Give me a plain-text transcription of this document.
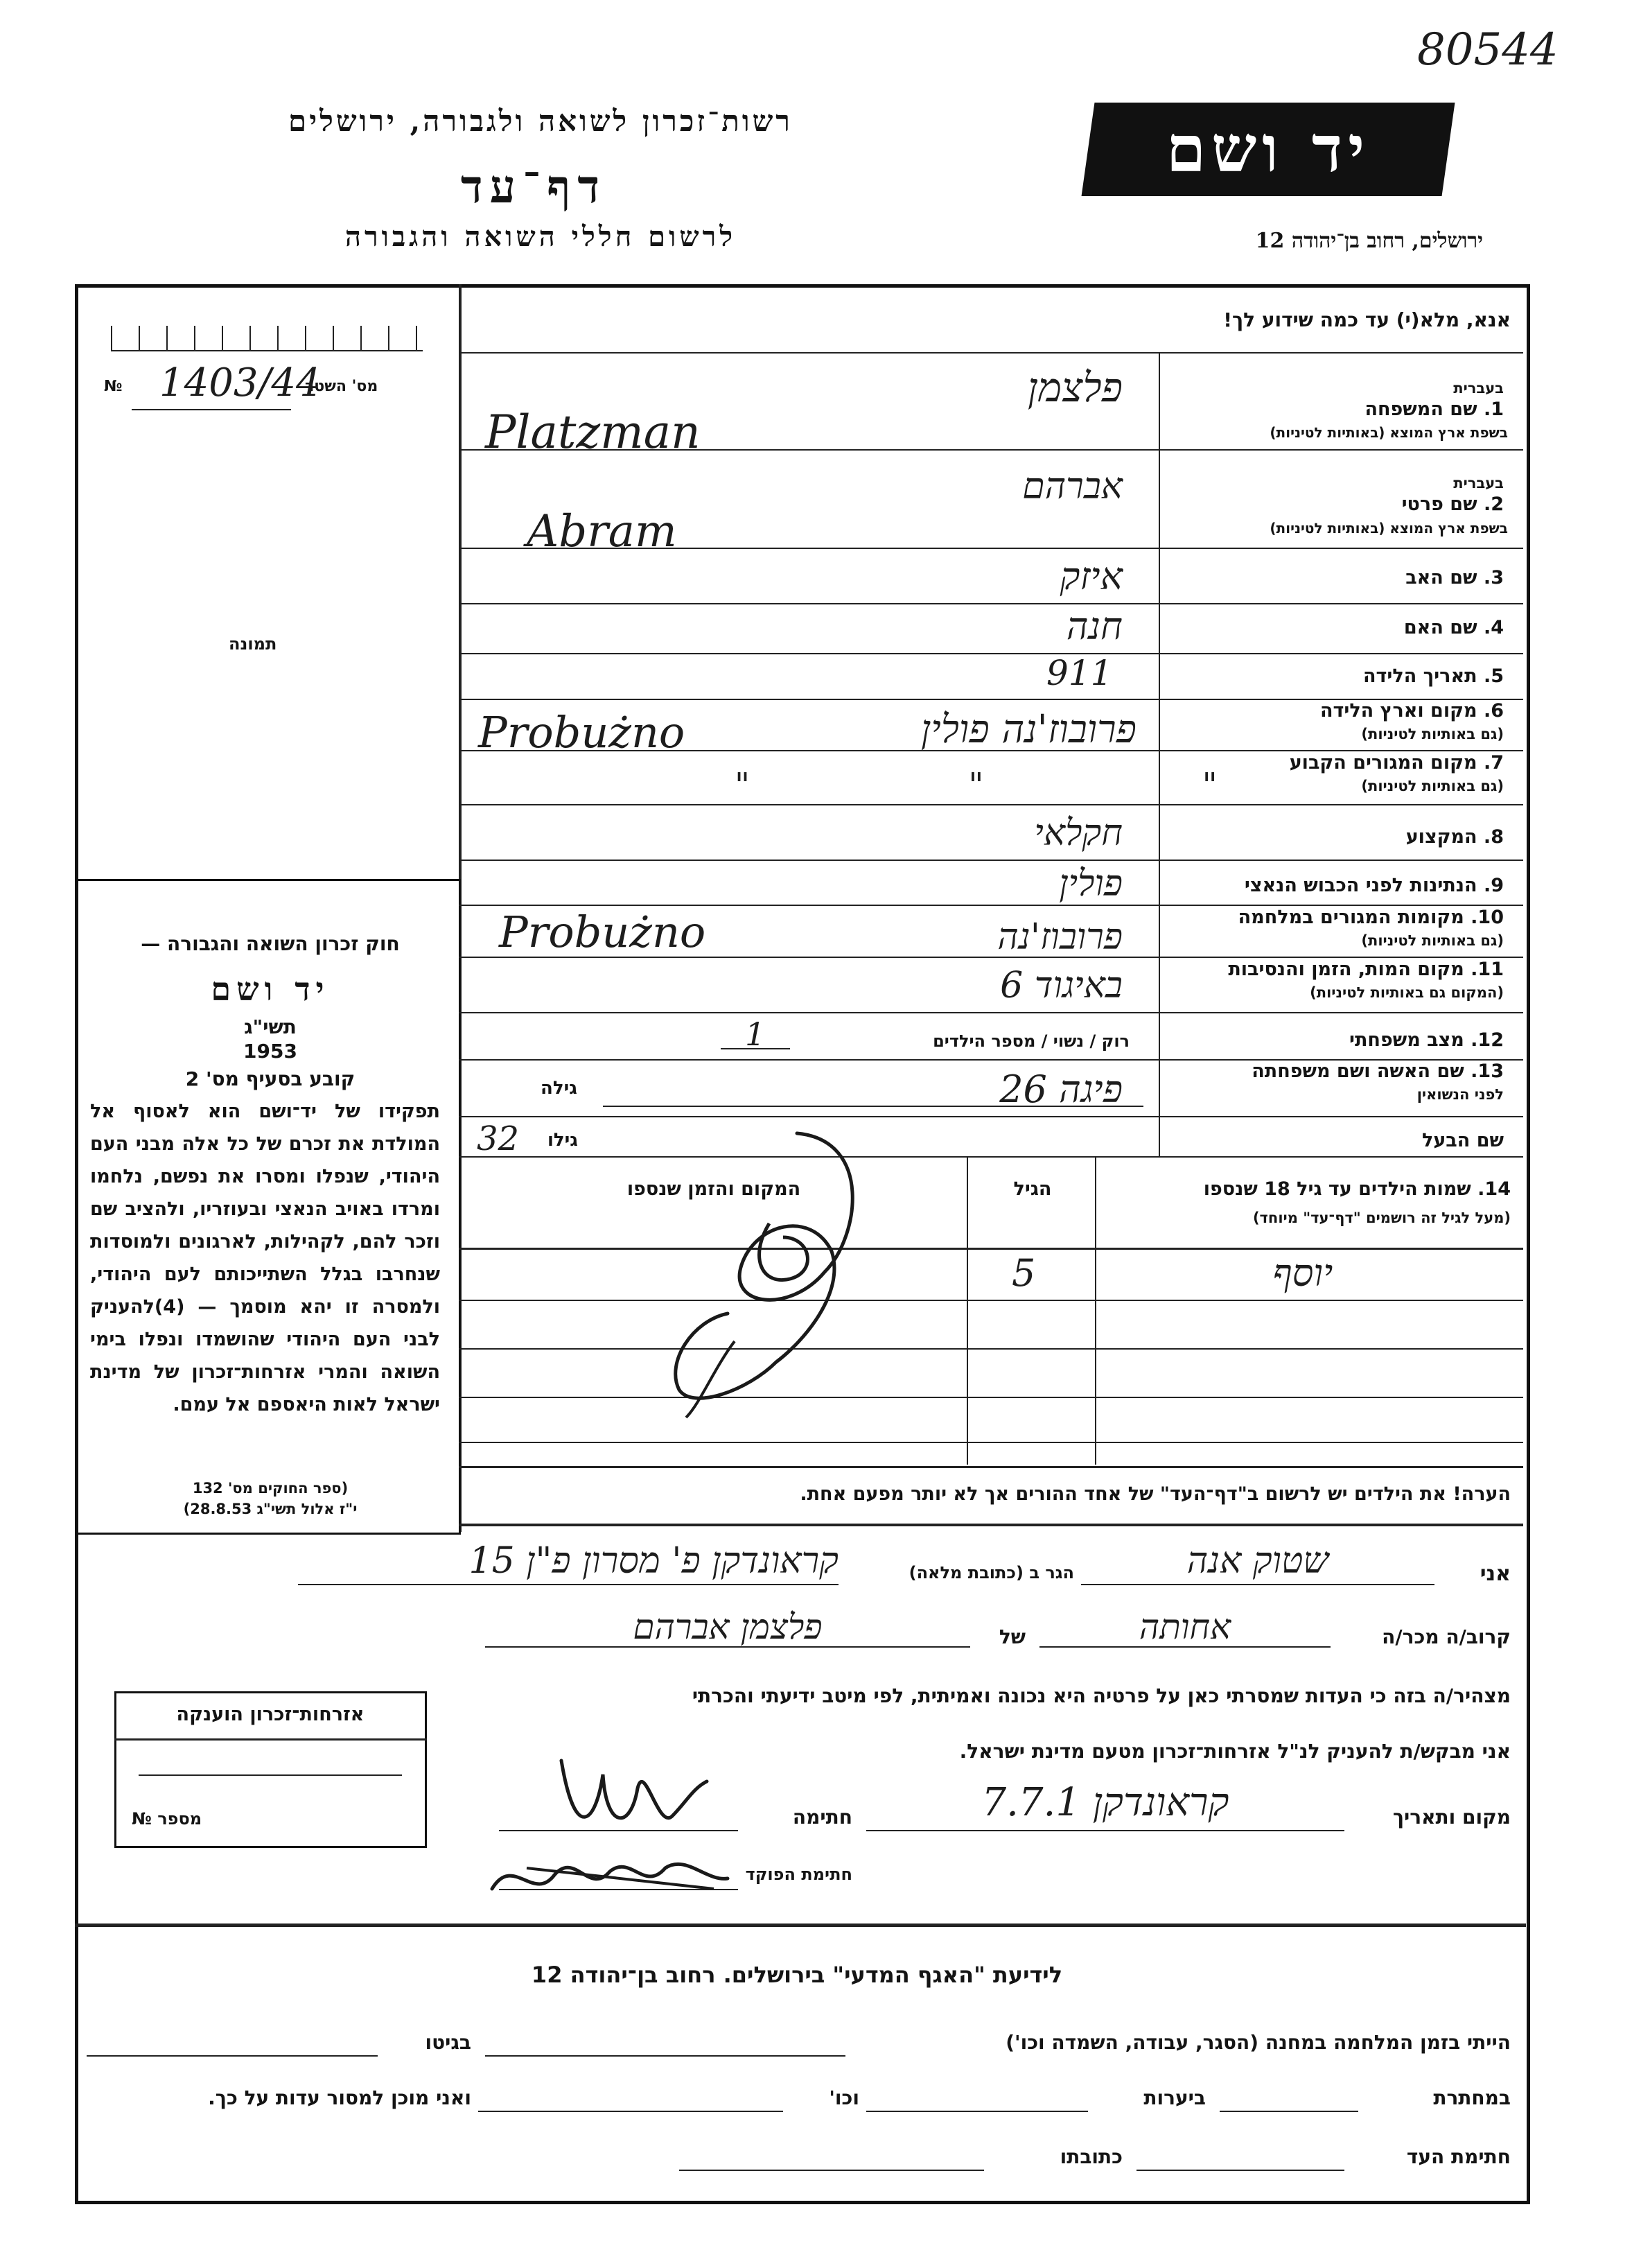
80544
רשות־זכרון לשואה ולגבורה, ירושלים
דף־עד
לרשום חללי השואה והגבורה
יד ושם
ירושלים, רחוב בן־יהודה 12
מס' השטר
№ 1403/44
תמונה
חוק זכרון השואה והגבורה —
יד ושם
תשי"ג
1953
קובע בסעיף מס' 2
תפקידו של יד־ושם הוא לאסוף אל המולדת את זכרם של כל אלה מבני העם היהודי, שנפלו ומסרו את נפשם, נלחמו ומרדו באויב הנאצי ובעוזריו, ולהציב שם וזכר להם, לקהילות, לארגונים ולמוסדות שנחרבו בגלל השתייכותם לעם היהודי, ולמסרה זו יהא מוסמך — (4)להעניק לבני העם היהודי שהושמדו ונפלו בימי השואה והמרי אזרחות־זכרון של מדינת ישראל לאות היאספם אל עמם.
(ספר החוקים מס' 132
י"ז אלול תשי"ג 28.8.53)
אזרחות־זכרון הוענקה
מספר №
אנא, מלא(י) עד כמה שידוע לך!
בעברית
1. שם המשפחה
בשפת ארץ המוצא (באותיות לטיניות)
פלצמן
Platzman
בעברית
2. שם פרטי
בשפת ארץ המוצא (באותיות לטיניות)
אברהם
Abram
3. שם האב
איזק
4. שם האם
חנה
5. תאריך הלידה
911
6. מקום וארץ הלידה
(גם באותיות לטיניות)
פרובוז'נה פולין
Probużno
7. מקום המגורים הקבוע
(גם באותיות לטיניות)
" " "
8. המקצוע
חקלאי
9. הנתינות לפני הכבוש הנאצי
פולין
10. מקומות המגורים במלחמה
(גם באותיות לטיניות)
פרובוז'נה
Probużno
11. מקום המות, הזמן והנסיבות
(המקום גם באותיות לטיניות)
באיגוד 6
12. מצב משפחתי
רוק / נשוי / מספר הילדים
1
13. שם האשה ושם משפחתה
לפני הנשואין
גילה	פיגה 26
שם הבעל
גילו
32
14. שמות הילדים עד גיל 18 שנספו
(מעל לגיל זה רושמים "דף־עד" מיוחד)
הגיל
המקום והזמן שנספו
יוסף
5
הערה! את הילדים יש לרשום ב"דף־העד" של אחד ההורים אך לא יותר מפעם אחת.
אני
שטוק אנה
הגר ב (כתובת מלאה)
קראונדקן פ' מסרון פ"ן 15
קרוב/ה מכר/ה
אחותה
של
פלצמן אברהם
מצהיר/ה בזה כי העדות שמסרתי כאן על פרטיה היא נכונה ואמיתית, לפי מיטב ידיעתי והכרתי
אני מבקש/ת להעניק לנ"ל אזרחות־זכרון מטעם מדינת ישראל.
מקום ותאריך
קראונדקן 7.7.1
חתימה
חתימת הפוקד
לידיעת "האגף המדעי" בירושלים. רחוב בן־יהודה 12
הייתי בזמן המלחמה במחנה (הסגר, עבודה, השמדה וכו')
בגיטו
במחתרת
ביערות
וכו'
ואני מוכן למסור עדות על כך.
חתימת העד
כתובתו
